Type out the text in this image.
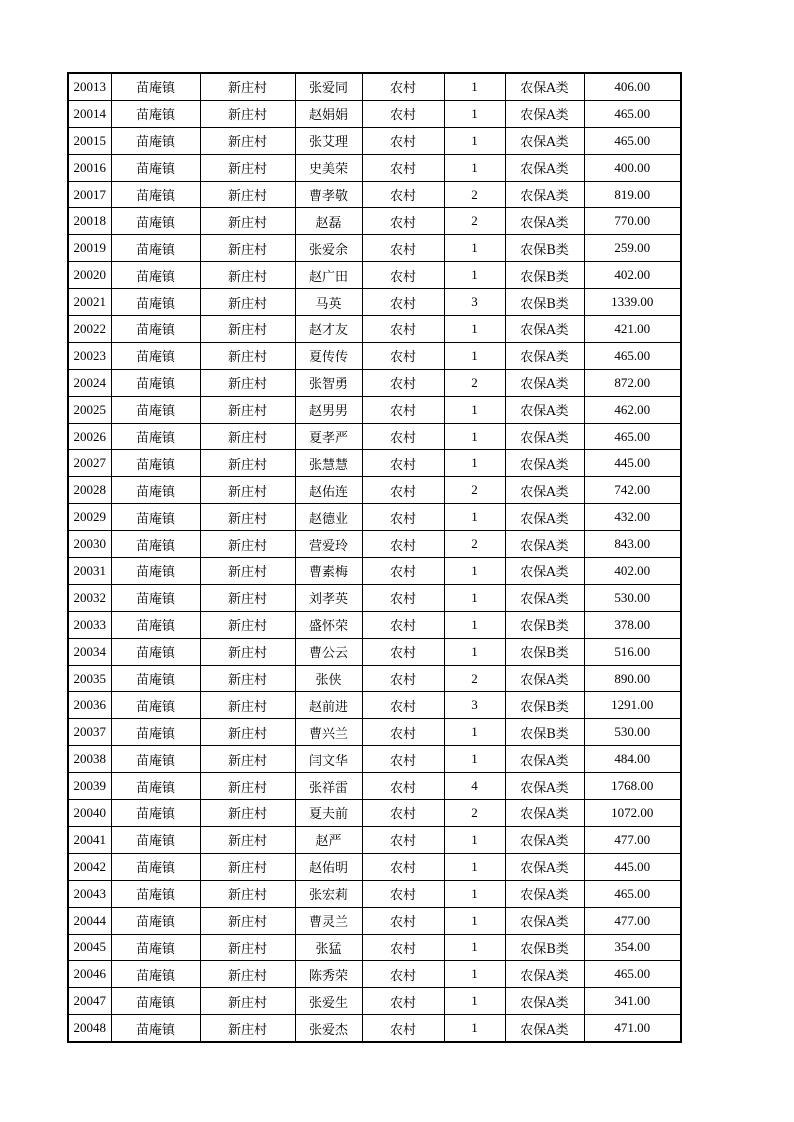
20013	苗庵镇	新庄村	张爱同	农村	1	农保A类	406.00
20014	苗庵镇	新庄村	赵娟娟	农村	1	农保A类	465.00
20015	苗庵镇	新庄村	张艾理	农村	1	农保A类	465.00
20016	苗庵镇	新庄村	史美荣	农村	1	农保A类	400.00
20017	苗庵镇	新庄村	曹孝敬	农村	2	农保A类	819.00
20018	苗庵镇	新庄村	赵磊	农村	2	农保A类	770.00
20019	苗庵镇	新庄村	张爱余	农村	1	农保B类	259.00
20020	苗庵镇	新庄村	赵广田	农村	1	农保B类	402.00
20021	苗庵镇	新庄村	马英	农村	3	农保B类	1339.00
20022	苗庵镇	新庄村	赵才友	农村	1	农保A类	421.00
20023	苗庵镇	新庄村	夏传传	农村	1	农保A类	465.00
20024	苗庵镇	新庄村	张智勇	农村	2	农保A类	872.00
20025	苗庵镇	新庄村	赵男男	农村	1	农保A类	462.00
20026	苗庵镇	新庄村	夏孝严	农村	1	农保A类	465.00
20027	苗庵镇	新庄村	张慧慧	农村	1	农保A类	445.00
20028	苗庵镇	新庄村	赵佑连	农村	2	农保A类	742.00
20029	苗庵镇	新庄村	赵德业	农村	1	农保A类	432.00
20030	苗庵镇	新庄村	营爱玲	农村	2	农保A类	843.00
20031	苗庵镇	新庄村	曹素梅	农村	1	农保A类	402.00
20032	苗庵镇	新庄村	刘孝英	农村	1	农保A类	530.00
20033	苗庵镇	新庄村	盛怀荣	农村	1	农保B类	378.00
20034	苗庵镇	新庄村	曹公云	农村	1	农保B类	516.00
20035	苗庵镇	新庄村	张侠	农村	2	农保A类	890.00
20036	苗庵镇	新庄村	赵前进	农村	3	农保B类	1291.00
20037	苗庵镇	新庄村	曹兴兰	农村	1	农保B类	530.00
20038	苗庵镇	新庄村	闫文华	农村	1	农保A类	484.00
20039	苗庵镇	新庄村	张祥雷	农村	4	农保A类	1768.00
20040	苗庵镇	新庄村	夏夫前	农村	2	农保A类	1072.00
20041	苗庵镇	新庄村	赵严	农村	1	农保A类	477.00
20042	苗庵镇	新庄村	赵佑明	农村	1	农保A类	445.00
20043	苗庵镇	新庄村	张宏莉	农村	1	农保A类	465.00
20044	苗庵镇	新庄村	曹灵兰	农村	1	农保A类	477.00
20045	苗庵镇	新庄村	张猛	农村	1	农保B类	354.00
20046	苗庵镇	新庄村	陈秀荣	农村	1	农保A类	465.00
20047	苗庵镇	新庄村	张爱生	农村	1	农保A类	341.00
20048	苗庵镇	新庄村	张爱杰	农村	1	农保A类	471.00
